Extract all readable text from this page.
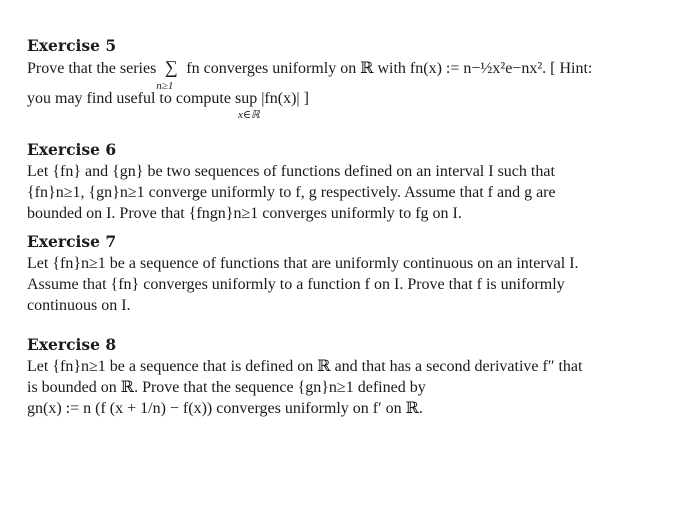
Exercise 5

Prove that the series ∑
n≥1
fn converges uniformly on ℝ with fn(x) := n−½x²e−nx². [ Hint:

you may find useful to compute sup
x∈ℝ
|fn(x)| ]

Exercise 6

Let {fn} and {gn} be two sequences of functions defined on an interval I such that

{fn}n≥1, {gn}n≥1 converge uniformly to f, g respectively. Assume that f and g are

bounded on I. Prove that {fngn}n≥1 converges uniformly to fg on I.

Exercise 7

Let {fn}n≥1 be a sequence of functions that are uniformly continuous on an interval I.

Assume that {fn} converges uniformly to a function f on I. Prove that f is uniformly

continuous on I.

Exercise 8

Let {fn}n≥1 be a sequence that is defined on ℝ and that has a second derivative f″ that

is bounded on ℝ. Prove that the sequence {gn}n≥1 defined by

gn(x) := n (f (x + 1/n) − f(x)) converges uniformly on f′ on ℝ.
